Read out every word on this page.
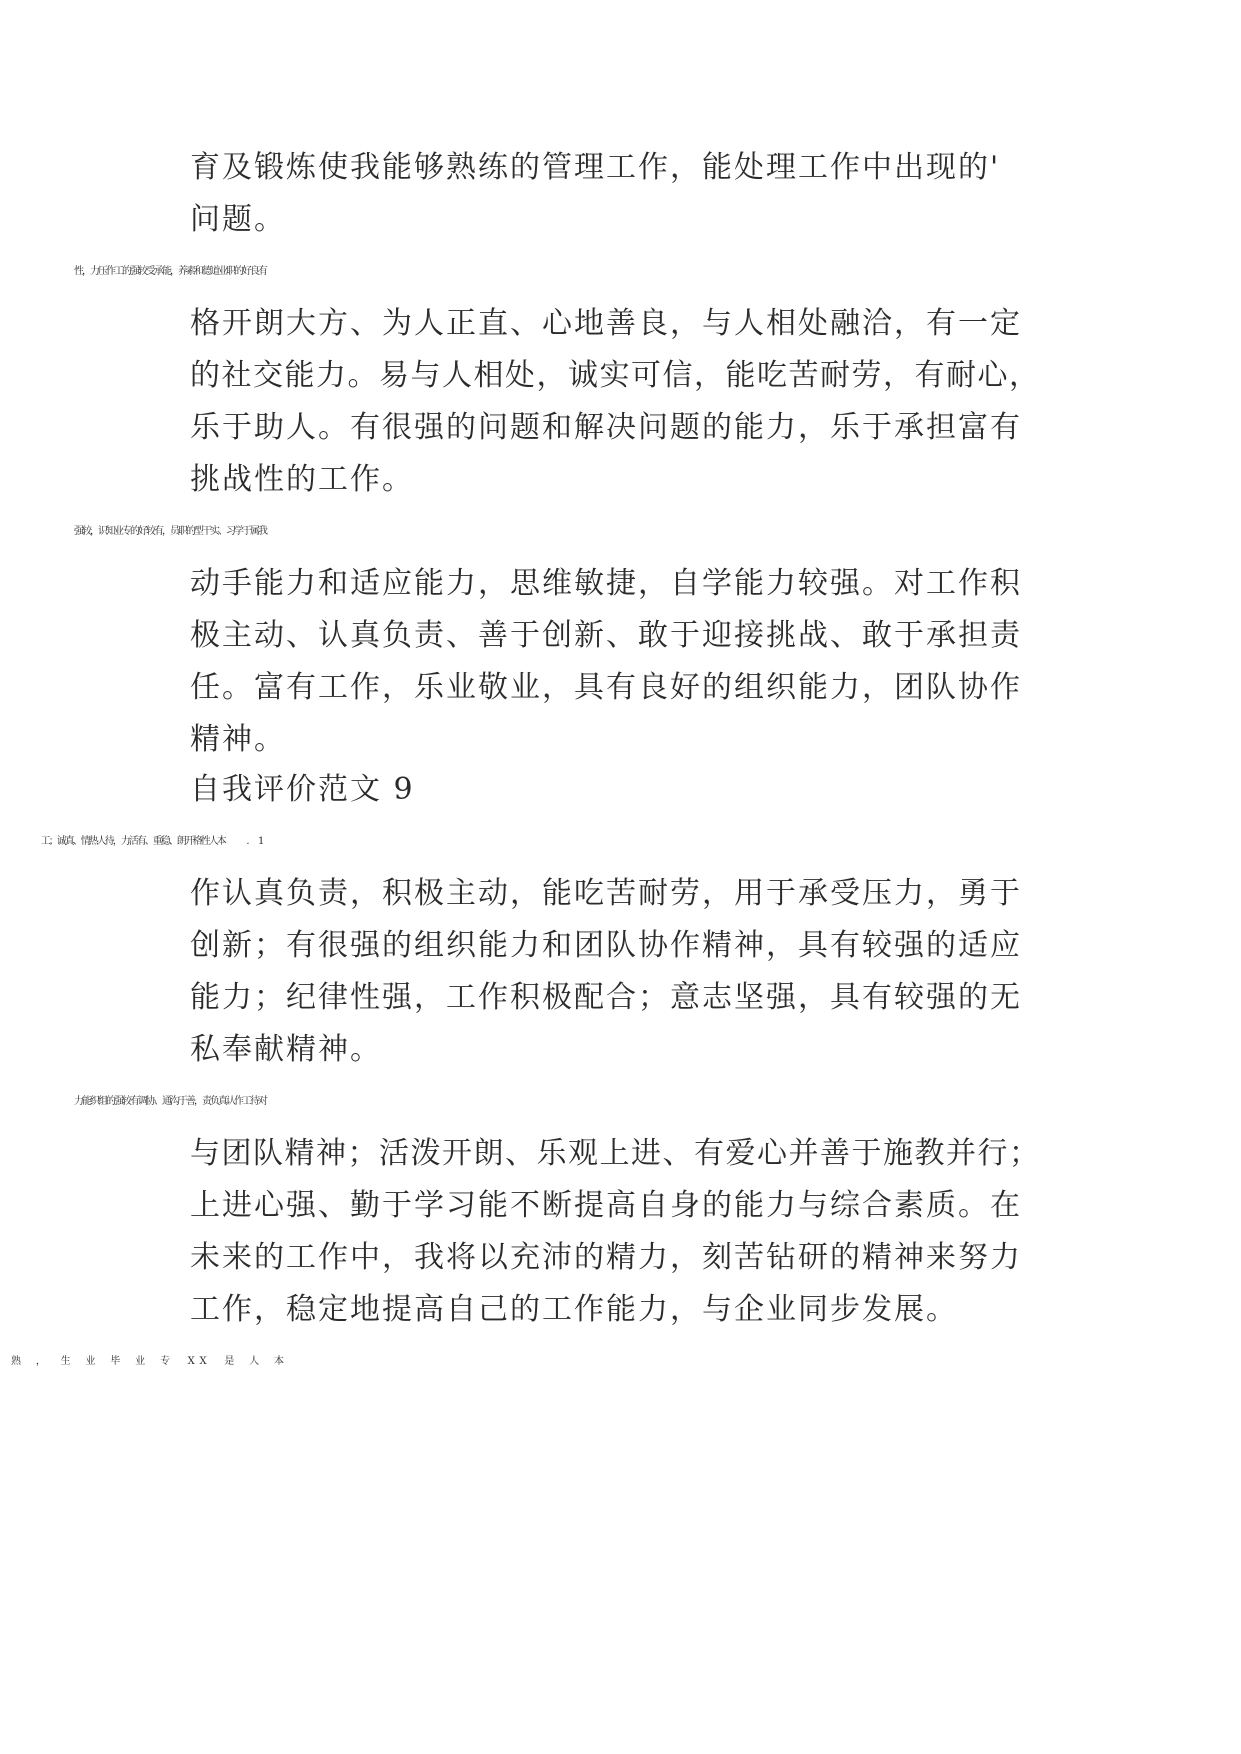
育及锻炼使我能够熟练的管理工作，能处理工作中出现的'
问题。
格开朗大方、为人正直、心地善良，与人相处融洽，有一定
的社交能力。易与人相处，诚实可信，能吃苦耐劳，有耐心，
乐于助人。有很强的问题和解决问题的能力，乐于承担富有
挑战性的工作。
动手能力和适应能力，思维敏捷，自学能力较强。对工作积
极主动、认真负责、善于创新、敢于迎接挑战、敢于承担责
任。富有工作，乐业敬业，具有良好的组织能力，团队协作
精神。
自我评价范文 9
作认真负责，积极主动，能吃苦耐劳，用于承受压力，勇于
创新；有很强的组织能力和团队协作精神，具有较强的适应
能力；纪律性强，工作积极配合；意志坚强，具有较强的无
私奉献精神。
与团队精神；活泼开朗、乐观上进、有爱心并善于施教并行；
上进心强、勤于学习能不断提高自身的能力与综合素质。在
未来的工作中，我将以充沛的精力，刻苦钻研的精神来努力
工作，稳定地提高自己的工作能力，与企业同步发展。
